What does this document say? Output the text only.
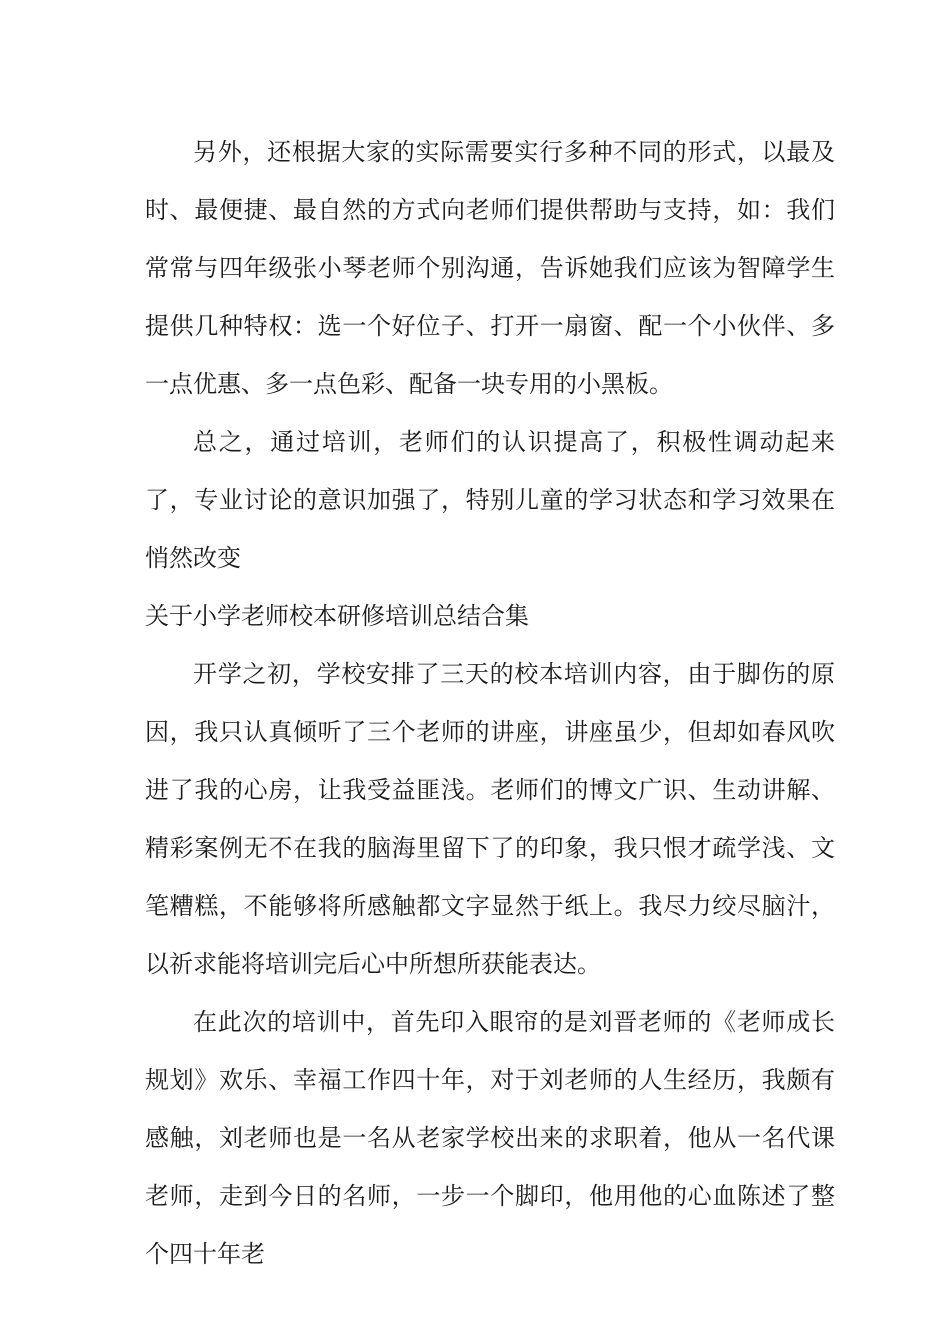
另外，还根据大家的实际需要实行多种不同的形式，以最及时、最便捷、最自然的方式向老师们提供帮助与支持，如：我们常常与四年级张小琴老师个别沟通，告诉她我们应该为智障学生提供几种特权：选一个好位子、打开一扇窗、配一个小伙伴、多一点优惠、多一点色彩、配备一块专用的小黑板。

总之，通过培训，老师们的认识提高了，积极性调动起来了，专业讨论的意识加强了，特别儿童的学习状态和学习效果在悄然改变

关于小学老师校本研修培训总结合集

开学之初，学校安排了三天的校本培训内容，由于脚伤的原因，我只认真倾听了三个老师的讲座，讲座虽少，但却如春风吹进了我的心房，让我受益匪浅。老师们的博文广识、生动讲解、精彩案例无不在我的脑海里留下了的印象，我只恨才疏学浅、文笔糟糕，不能够将所感触都文字显然于纸上。我尽力绞尽脑汁，以祈求能将培训完后心中所想所获能表达。

在此次的培训中，首先印入眼帘的是刘晋老师的《老师成长规划》欢乐、幸福工作四十年，对于刘老师的人生经历，我颇有感触，刘老师也是一名从老家学校出来的求职着，他从一名代课老师，走到今日的名师，一步一个脚印，他用他的心血陈述了整个四十年老
